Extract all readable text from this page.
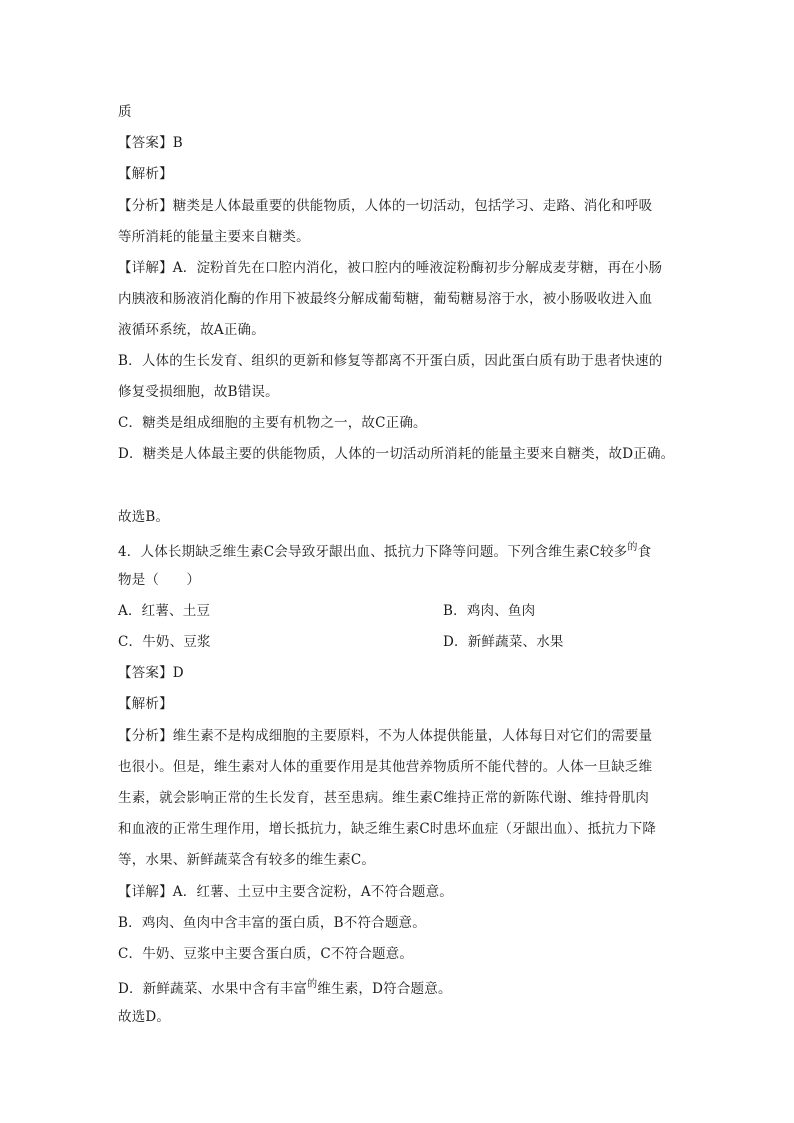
质
【答案】B
【解析】
【分析】糖类是人体最重要的供能物质，人体的一切活动，包括学习、走路、消化和呼吸
等所消耗的能量主要来自糖类。
【详解】A．淀粉首先在口腔内消化，被口腔内的唾液淀粉酶初步分解成麦芽糖，再在小肠
内胰液和肠液消化酶的作用下被最终分解成葡萄糖，葡萄糖易溶于水，被小肠吸收进入血
液循环系统，故A正确。
B．人体的生长发育、组织的更新和修复等都离不开蛋白质，因此蛋白质有助于患者快速的
修复受损细胞，故B错误。
C．糖类是组成细胞的主要有机物之一，故C正确。
D．糖类是人体最主要的供能物质，人体的一切活动所消耗的能量主要来自糖类，故D正确。
故选B。
4．人体长期缺乏维生素C会导致牙龈出血、抵抗力下降等问题。下列含维生素C较多$^的$食
物是（　　）
A．红薯、土豆	B．鸡肉、鱼肉
C．牛奶、豆浆	D．新鲜蔬菜、水果
【答案】D
【解析】
【分析】维生素不是构成细胞的主要原料，不为人体提供能量，人体每日对它们的需要量
也很小。但是，维生素对人体的重要作用是其他营养物质所不能代替的。人体一旦缺乏维
生素，就会影响正常的生长发育，甚至患病。维生素C维持正常的新陈代谢、维持骨肌肉
和血液的正常生理作用，增长抵抗力，缺乏维生素C时患坏血症（牙龈出血）、抵抗力下降
等，水果、新鲜蔬菜含有较多的维生素C。
【详解】A．红薯、土豆中主要含淀粉，A不符合题意。
B．鸡肉、鱼肉中含丰富的蛋白质，B不符合题意。
C．牛奶、豆浆中主要含蛋白质，C不符合题意。
D．新鲜蔬菜、水果中含有丰富$^的$维生素，D符合题意。
故选D。
